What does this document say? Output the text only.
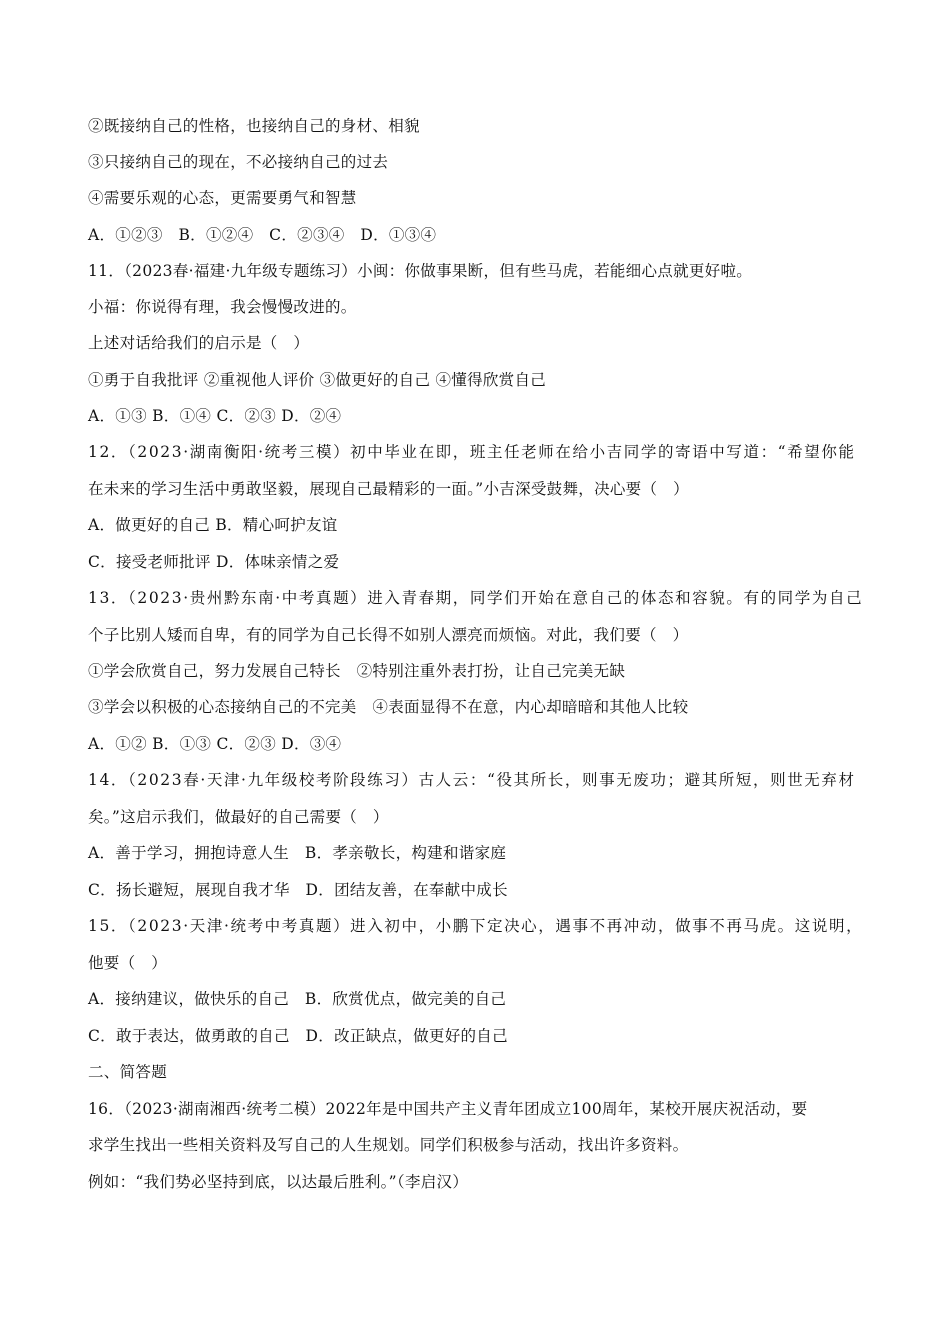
②既接纳自己的性格，也接纳自己的身材、相貌
③只接纳自己的现在，不必接纳自己的过去
④需要乐观的心态，更需要勇气和智慧
A．①②③　B．①②④　C．②③④　D．①③④
11．（2023春·福建·九年级专题练习）小闽：你做事果断，但有些马虎，若能细心点就更好啦。
小福：你说得有理，我会慢慢改进的。
上述对话给我们的启示是（　）
①勇于自我批评 ②重视他人评价 ③做更好的自己 ④懂得欣赏自己
A．①③ B．①④ C．②③ D．②④
12．（2023·湖南衡阳·统考三模）初中毕业在即，班主任老师在给小吉同学的寄语中写道：“希望你能
在未来的学习生活中勇敢坚毅，展现自己最精彩的一面。”小吉深受鼓舞，决心要（　）
A．做更好的自己 B．精心呵护友谊
C．接受老师批评 D．体味亲情之爱
13．（2023·贵州黔东南·中考真题）进入青春期，同学们开始在意自己的体态和容貌。有的同学为自己
个子比别人矮而自卑，有的同学为自己长得不如别人漂亮而烦恼。对此，我们要（　）
①学会欣赏自己，努力发展自己特长　②特别注重外表打扮，让自己完美无缺
③学会以积极的心态接纳自己的不完美　④表面显得不在意，内心却暗暗和其他人比较
A．①② B．①③ C．②③ D．③④
14．（2023春·天津·九年级校考阶段练习）古人云：“役其所长，则事无废功；避其所短，则世无弃材
矣。”这启示我们，做最好的自己需要（　）
A．善于学习，拥抱诗意人生　B．孝亲敬长，构建和谐家庭
C．扬长避短，展现自我才华　D．团结友善，在奉献中成长
15．（2023·天津·统考中考真题）进入初中，小鹏下定决心，遇事不再冲动，做事不再马虎。这说明，
他要（　）
A．接纳建议，做快乐的自己　B．欣赏优点，做完美的自己
C．敢于表达，做勇敢的自己　D．改正缺点，做更好的自己
二、简答题
16．（2023·湖南湘西·统考二模）2022年是中国共产主义青年团成立100周年，某校开展庆祝活动，要
求学生找出一些相关资料及写自己的人生规划。同学们积极参与活动，找出许多资料。
例如：“我们势必坚持到底，以达最后胜利。”（李启汉）
